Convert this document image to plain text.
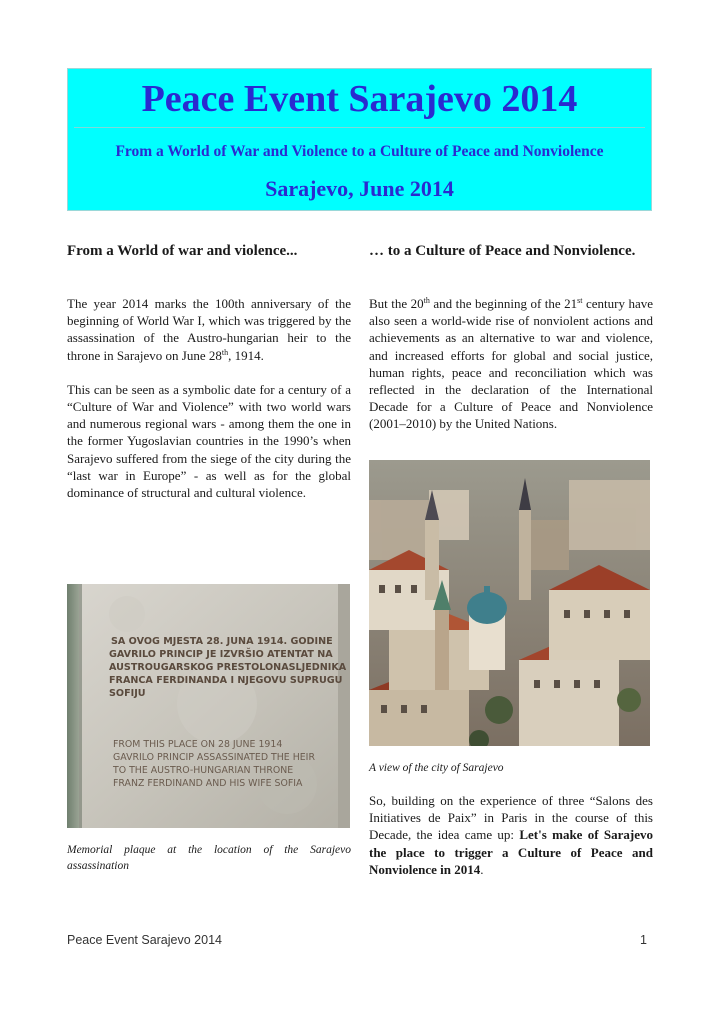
Peace Event Sarajevo 2014
From a World of War and Violence to a Culture of Peace and Nonviolence
Sarajevo, June 2014
From a World of war and violence...

The year 2014 marks the 100th anniversary of the beginning of World War I, which was triggered by the assassination of the Austro-hungarian heir to the throne in Sarajevo on June 28th, 1914.

This can be seen as a symbolic date for a century of a “Culture of War and Violence” with two world wars and numerous regional wars - among them the one in the former Yugoslavian countries in the 1990’s when Sarajevo suffered from the siege of the city during the “last war in Europe” - as well as for the global dominance of structural and cultural violence.

SA OVOG MJESTA 28. JUNA 1914. GODINE
GAVRILO PRINCIP JE IZVRŠIO ATENTAT NA
AUSTROUGARSKOG PRESTOLONASLJEDNIKA
FRANCA FERDINANDA I NJEGOVU SUPRUGU
SOFIJU
FROM THIS PLACE ON 28 JUNE 1914
GAVRILO PRINCIP ASSASSINATED THE HEIR
TO THE AUSTRO-HUNGARIAN THRONE
FRANZ FERDINAND AND HIS WIFE SOFIA

Memorial plaque at the location of the Sarajevo assassination

… to a Culture of Peace and Nonviolence.

But the 20th and the beginning of the 21st century have also seen a world-wide rise of nonviolent actions and achievements as an alternative to war and violence, and increased efforts for global and social justice, human rights, peace and reconciliation which was reflected in the declaration of the International Decade for a Culture of Peace and Nonviolence (2001–2010) by the United Nations.

A view of the city of Sarajevo

So, building on the experience of three “Salons des Initiatives de Paix” in Paris in the course of this Decade, the idea came up: Let's make of Sarajevo the place to trigger a Culture of Peace and Nonviolence in 2014.

Peace Event Sarajevo 2014	1
